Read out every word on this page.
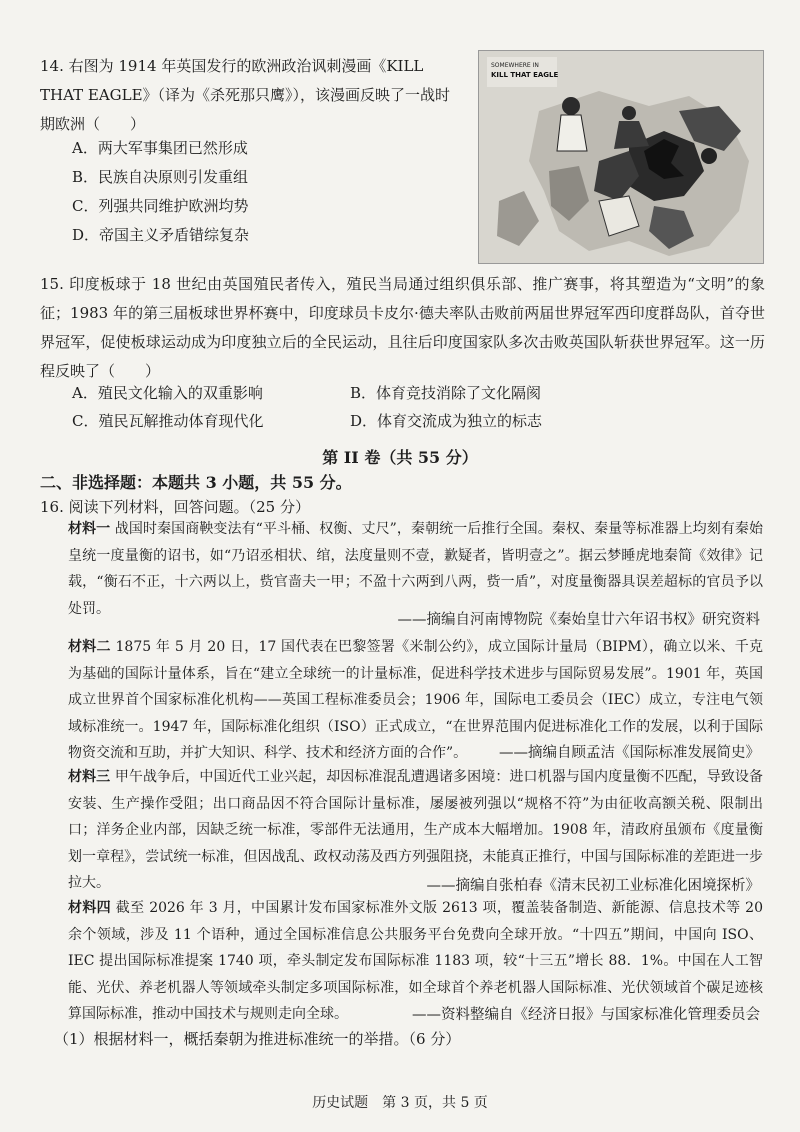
14. 右图为 1914 年英国发行的欧洲政治讽刺漫画《KILL THAT EAGLE》（译为《杀死那只鹰》），该漫画反映了一战时期欧洲（　　）
A．两大军事集团已然形成
B．民族自决原则引发重组
C．列强共同维护欧洲均势
D．帝国主义矛盾错综复杂
SOMEWHERE IN
KILL THAT EAGLE
15. 印度板球于 18 世纪由英国殖民者传入，殖民当局通过组织俱乐部、推广赛事，将其塑造为“文明”的象征；1983 年的第三届板球世界杯赛中，印度球员卡皮尔·德夫率队击败前两届世界冠军西印度群岛队，首夺世界冠军，促使板球运动成为印度独立后的全民运动，且往后印度国家队多次击败英国队斩获世界冠军。这一历程反映了（　　）
A．殖民文化输入的双重影响	B．体育竞技消除了文化隔阂
C．殖民瓦解推动体育现代化	D．体育交流成为独立的标志
第 II 卷（共 55 分）
二、非选择题：本题共 3 小题，共 55 分。
16. 阅读下列材料，回答问题。（25 分）
材料一 战国时秦国商鞅变法有“平斗桶、权衡、丈尺”，秦朝统一后推行全国。秦权、秦量等标准器上均刻有秦始皇统一度量衡的诏书，如“乃诏丞相状、绾，法度量则不壹，歉疑者，皆明壹之”。据云梦睡虎地秦简《效律》记载，“衡石不正，十六两以上，赀官啬夫一甲；不盈十六两到八两，赀一盾”，对度量衡器具误差超标的官员予以处罚。
——摘编自河南博物院《秦始皇廿六年诏书权》研究资料
材料二 1875 年 5 月 20 日，17 国代表在巴黎签署《米制公约》，成立国际计量局（BIPM），确立以米、千克为基础的国际计量体系，旨在“建立全球统一的计量标准，促进科学技术进步与国际贸易发展”。1901 年，英国成立世界首个国家标准化机构——英国工程标准委员会；1906 年，国际电工委员会（IEC）成立，专注电气领域标准统一。1947 年，国际标准化组织（ISO）正式成立，“在世界范围内促进标准化工作的发展，以利于国际物资交流和互助，并扩大知识、科学、技术和经济方面的合作”。	——摘编自顾孟洁《国际标准发展简史》
材料三 甲午战争后，中国近代工业兴起，却因标准混乱遭遇诸多困境：进口机器与国内度量衡不匹配，导致设备安装、生产操作受阻；出口商品因不符合国际计量标准，屡屡被列强以“规格不符”为由征收高额关税、限制出口；洋务企业内部，因缺乏统一标准，零部件无法通用，生产成本大幅增加。1908 年，清政府虽颁布《度量衡划一章程》，尝试统一标准，但因战乱、政权动荡及西方列强阻挠，未能真正推行，中国与国际标准的差距进一步拉大。	——摘编自张柏春《清末民初工业标准化困境探析》
材料四 截至 2026 年 3 月，中国累计发布国家标准外文版 2613 项，覆盖装备制造、新能源、信息技术等 20 余个领域，涉及 11 个语种，通过全国标准信息公共服务平台免费向全球开放。“十四五”期间，中国向 ISO、IEC 提出国际标准提案 1740 项，牵头制定发布国际标准 1183 项，较“十三五”增长 88．1%。中国在人工智能、光伏、养老机器人等领域牵头制定多项国际标准，如全球首个养老机器人国际标准、光伏领域首个碳足迹核算国际标准，推动中国技术与规则走向全球。	——资料整编自《经济日报》与国家标准化管理委员会
（1）根据材料一，概括秦朝为推进标准统一的举措。（6 分）
历史试题　第 3 页，共 5 页
